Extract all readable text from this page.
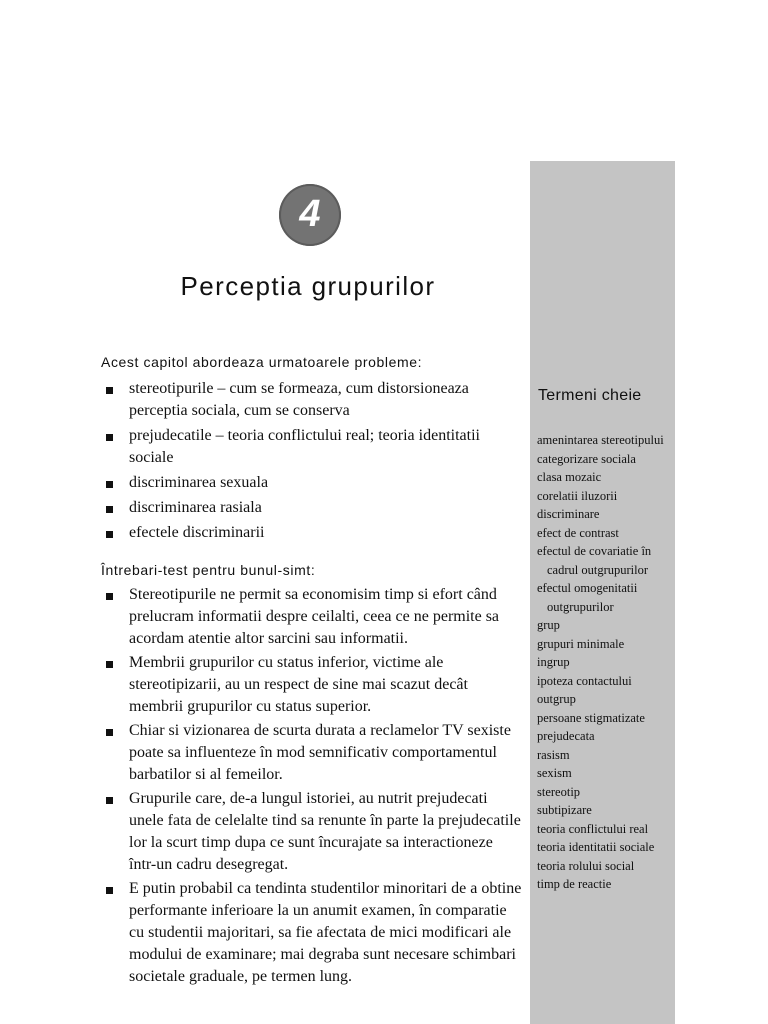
Termeni cheie
amenintarea stereotipului
categorizare sociala
clasa mozaic
corelatii iluzorii
discriminare
efect de contrast
efectul de covariatie în cadrul outgrupurilor
efectul omogenitatii outgrupurilor
grup
grupuri minimale
ingrup
ipoteza contactului
outgrup
persoane stigmatizate
prejudecata
rasism
sexism
stereotip
subtipizare
teoria conflictului real
teoria identitatii sociale
teoria rolului social
timp de reactie
4
Perceptia grupurilor
Acest capitol abordeaza urmatoarele probleme:
stereotipurile – cum se formeaza, cum distorsioneaza perceptia sociala, cum se conserva
prejudecatile – teoria conflictului real; teoria identitatii sociale
discriminarea sexuala
discriminarea rasiala
efectele discriminarii
Întrebari-test pentru bunul-simt:
Stereotipurile ne permit sa economisim timp si efort când prelucram informatii despre ceilalti, ceea ce ne permite sa acordam atentie altor sarcini sau informatii.
Membrii grupurilor cu status inferior, victime ale stereotipizarii, au un respect de sine mai scazut decât membrii grupurilor cu status superior.
Chiar si vizionarea de scurta durata a reclamelor TV sexiste poate sa influenteze în mod semnificativ comportamentul barbatilor si al femeilor.
Grupurile care, de-a lungul istoriei, au nutrit prejudecati unele fata de celelalte tind sa renunte în parte la prejudecatile lor la scurt timp dupa ce sunt încurajate sa interactioneze într-un cadru desegregat.
E putin probabil ca tendinta studentilor minoritari de a obtine performante inferioare la un anumit examen, în comparatie cu studentii majoritari, sa fie afectata de mici modificari ale modului de examinare; mai degraba sunt necesare schimbari societale graduale, pe termen lung.
